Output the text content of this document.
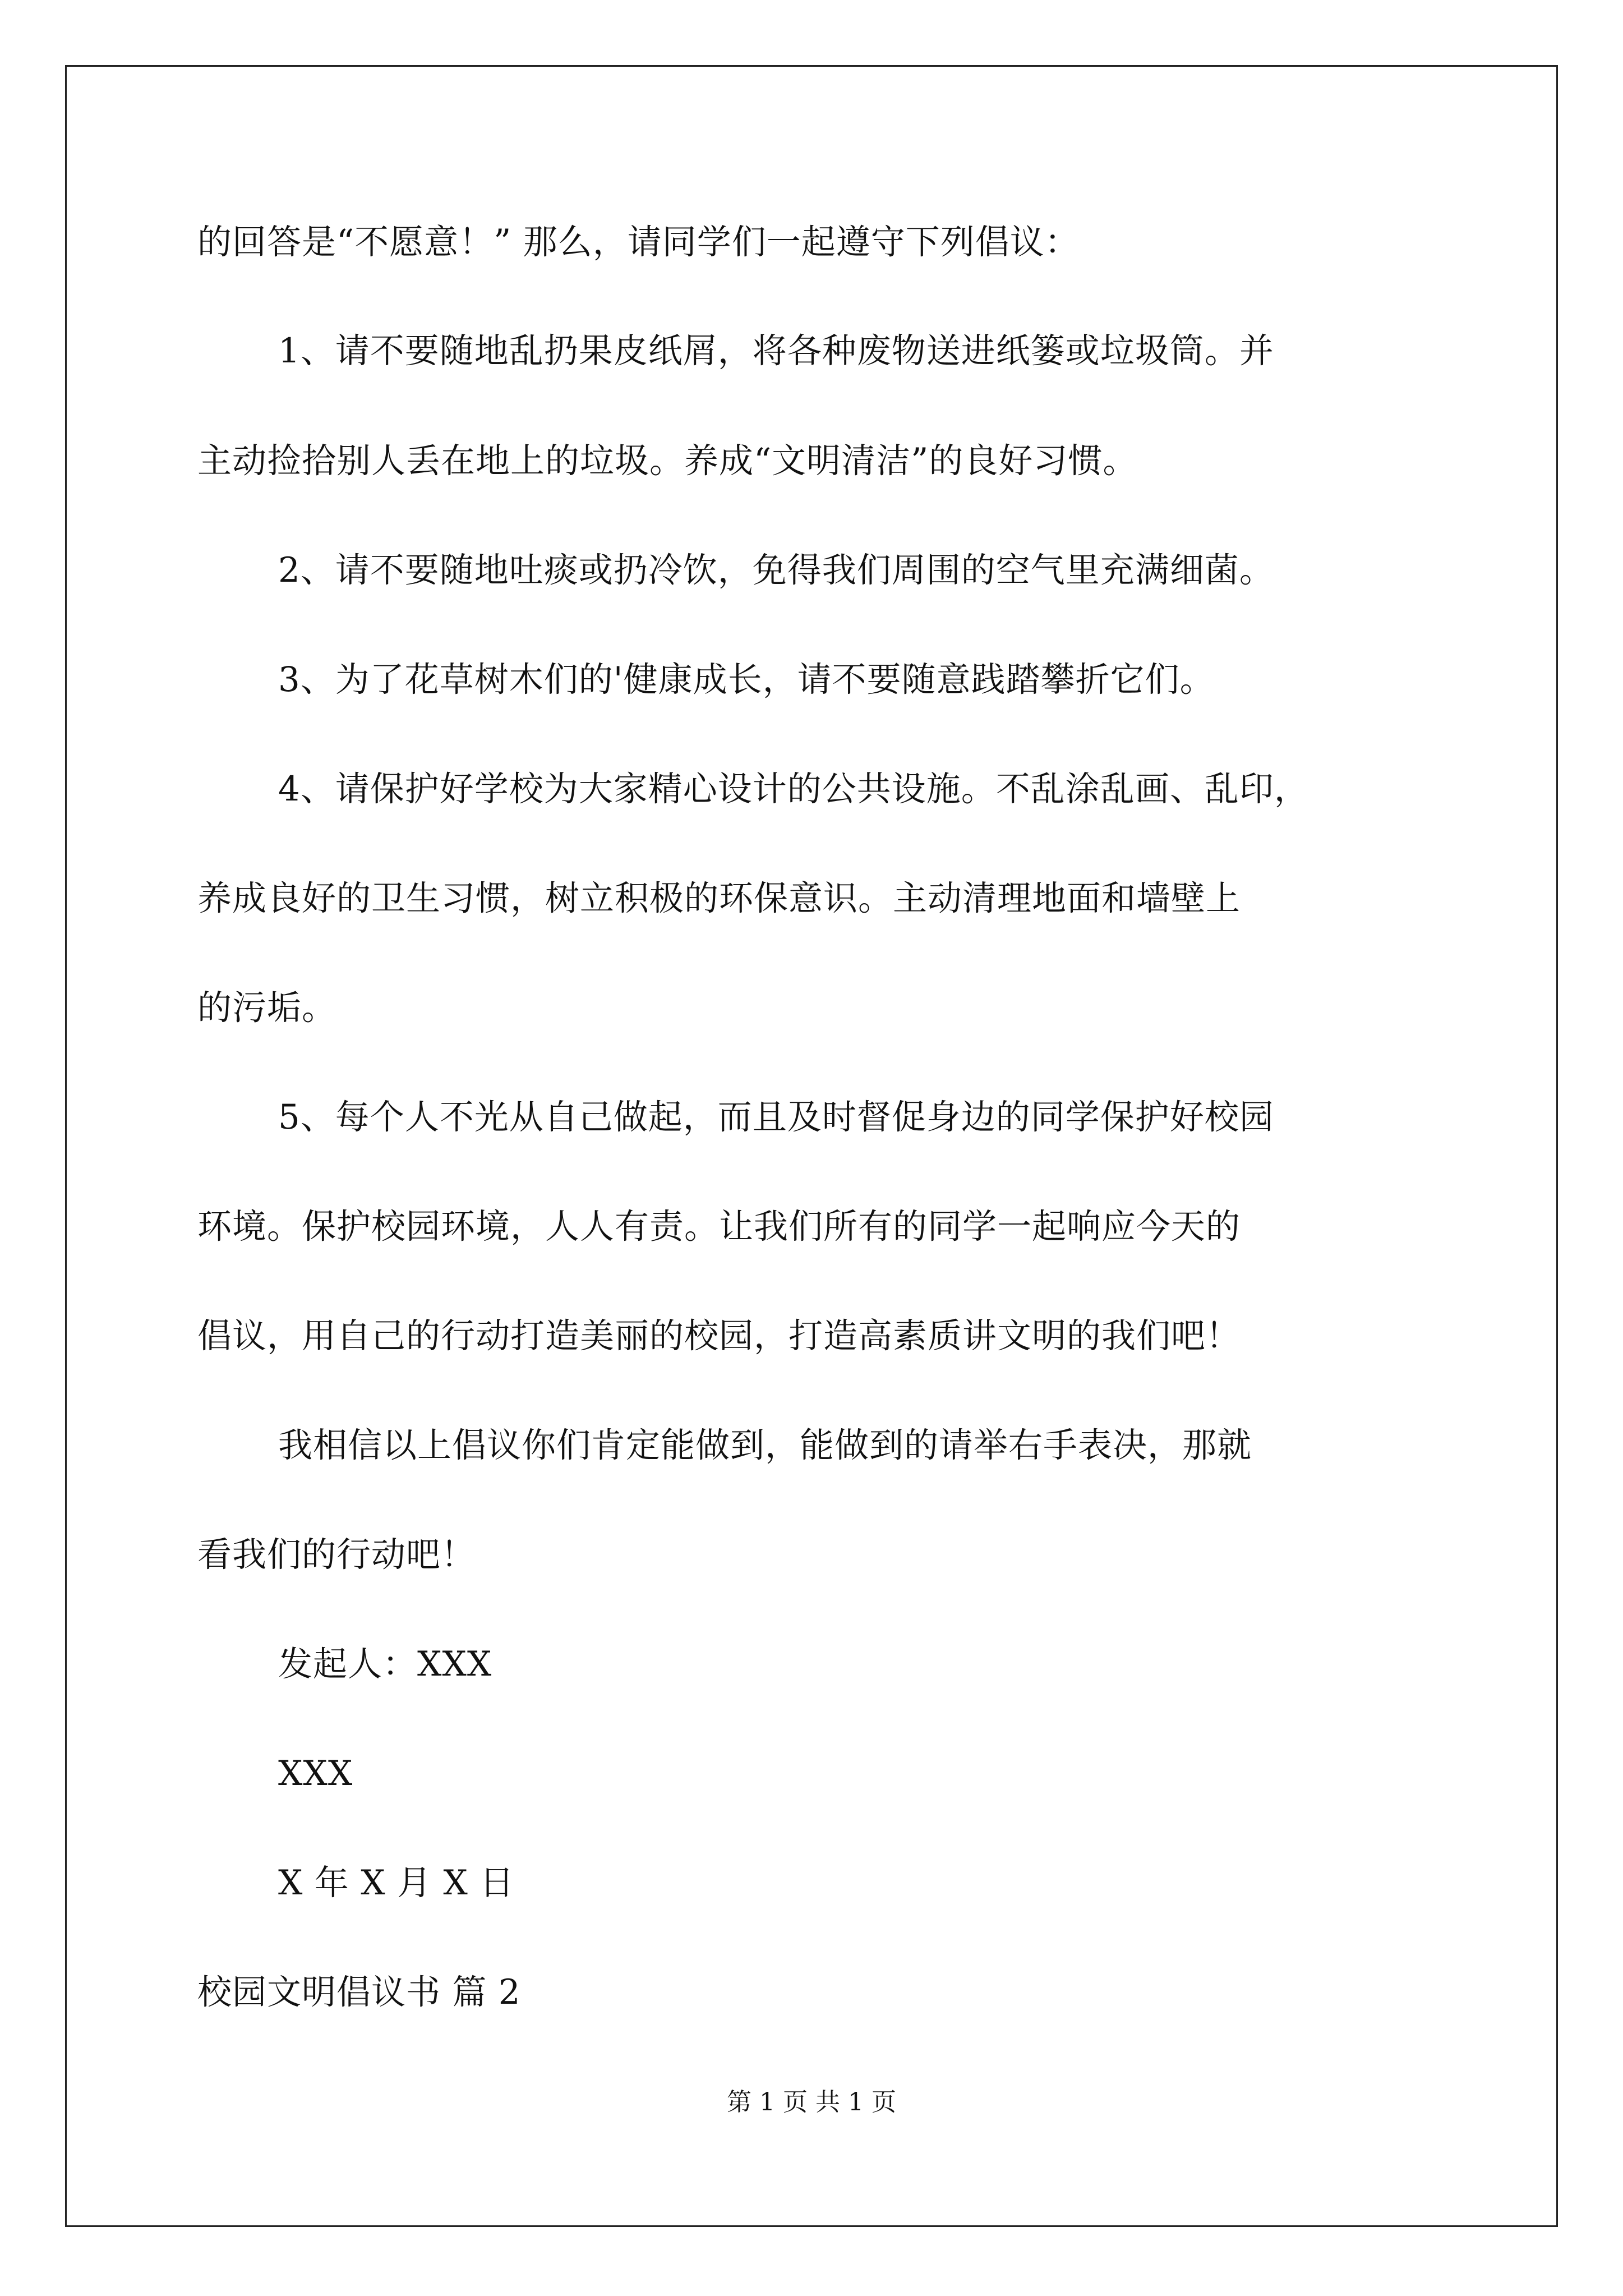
的回答是“不愿意！” 那么，请同学们一起遵守下列倡议：
1、请不要随地乱扔果皮纸屑，将各种废物送进纸篓或垃圾筒。并
主动捡拾别人丢在地上的垃圾。养成“文明清洁”的良好习惯。
2、请不要随地吐痰或扔冷饮，免得我们周围的空气里充满细菌。
3、为了花草树木们的'健康成长，请不要随意践踏攀折它们。
4、请保护好学校为大家精心设计的公共设施。不乱涂乱画、乱印，
养成良好的卫生习惯，树立积极的环保意识。主动清理地面和墙壁上
的污垢。
5、每个人不光从自己做起，而且及时督促身边的同学保护好校园
环境。保护校园环境，人人有责。让我们所有的同学一起响应今天的
倡议，用自己的行动打造美丽的校园，打造高素质讲文明的我们吧！
我相信以上倡议你们肯定能做到，能做到的请举右手表决，那就
看我们的行动吧！
发起人：XXX
XXX
X 年 X 月 X 日
校园文明倡议书 篇 2
第 1 页 共 1 页
